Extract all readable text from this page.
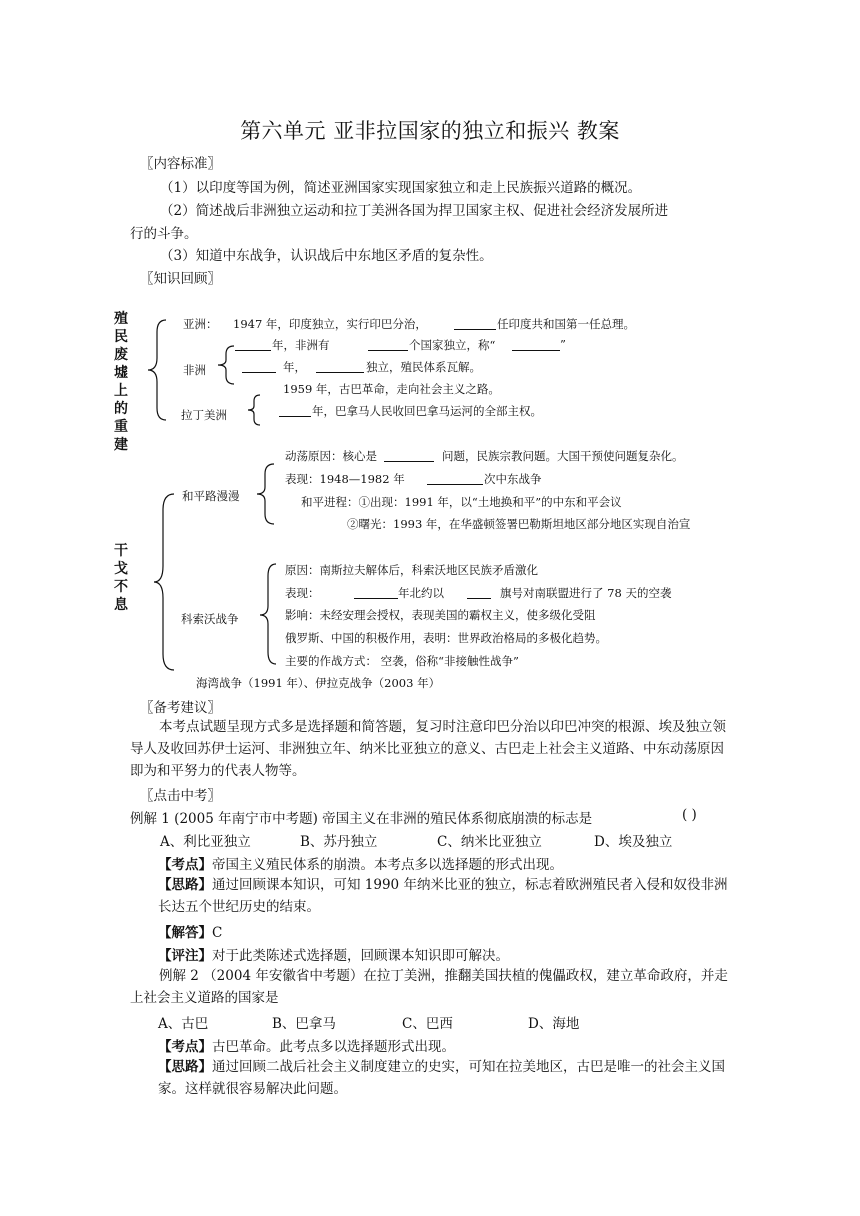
第六单元 亚非拉国家的独立和振兴 教案
〖内容标准〗
（1）以印度等国为例，简述亚洲国家实现国家独立和走上民族振兴道路的概况。
（2）简述战后非洲独立运动和拉丁美洲各国为捍卫国家主权、促进社会经济发展所进
行的斗争。
（3）知道中东战争，认识战后中东地区矛盾的复杂性。
〖知识回顾〗
殖民废墟上的重建
亚洲： 1947 年，印度独立，实行印巴分治，	任印度共和国第一任总理。
非洲
年，非洲有	个国家独立，称“	”
年，	独立，殖民体系瓦解。
1959 年，古巴革命，走向社会主义之路。
拉丁美洲	年，巴拿马人民收回巴拿马运河的全部主权。
干戈不息
和平路漫漫
动荡原因：核心是	问题，民族宗教问题。大国干预使问题复杂化。
表现：1948—1982 年	次中东战争
和平进程：①出现：1991 年，以“土地换和平”的中东和平会议
②曙光：1993 年，在华盛顿签署巴勒斯坦地区部分地区实现自治宣
科索沃战争
原因：南斯拉夫解体后，科索沃地区民族矛盾激化
表现：	年北约以	旗号对南联盟进行了 78 天的空袭
影响：未经安理会授权，表现美国的霸权主义，使多级化受阻
俄罗斯、中国的积极作用，表明：世界政治格局的多极化趋势。
主要的作战方式： 空袭，俗称“非接触性战争”
海湾战争（1991 年）、伊拉克战争（2003 年）
〖备考建议〗
本考点试题呈现方式多是选择题和简答题，复习时注意印巴分治以印巴冲突的根源、埃及独立领导人及收回苏伊士运河、非洲独立年、纳米比亚独立的意义、古巴走上社会主义道路、中东动荡原因即为和平努力的代表人物等。
〖点击中考〗
例解 1 (2005 年南宁市中考题) 帝国主义在非洲的殖民体系彻底崩溃的标志是	( )
A、利比亚独立	B、苏丹独立	C、纳米比亚独立	D、埃及独立
【考点】帝国主义殖民体系的崩溃。本考点多以选择题的形式出现。
【思路】通过回顾课本知识，可知 1990 年纳米比亚的独立，标志着欧洲殖民者入侵和奴役非洲长达五个世纪历史的结束。
【解答】C
【评注】对于此类陈述式选择题，回顾课本知识即可解决。
例解 2 （2004 年安徽省中考题）在拉丁美洲，推翻美国扶植的傀儡政权，建立革命政府，并走上社会主义道路的国家是
A、古巴	B、巴拿马	C、巴西	D、海地
【考点】古巴革命。此考点多以选择题形式出现。
【思路】通过回顾二战后社会主义制度建立的史实，可知在拉美地区，古巴是唯一的社会主义国家。这样就很容易解决此问题。
